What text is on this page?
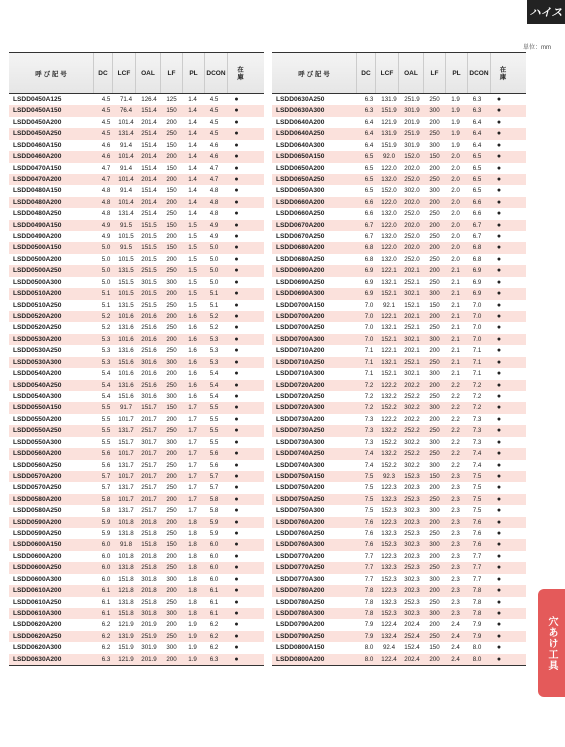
ハイス
単位：mm
呼 び 記 号	DC	LCF	OAL	LF	PL	DCON	在庫
LSDD0450A125	4.5	71.4	126.4	125	1.4	4.5	●
LSDD0450A150	4.5	76.4	151.4	150	1.4	4.5	●
LSDD0450A200	4.5	101.4	201.4	200	1.4	4.5	●
LSDD0450A250	4.5	131.4	251.4	250	1.4	4.5	●
LSDD0460A150	4.6	91.4	151.4	150	1.4	4.6	●
LSDD0460A200	4.6	101.4	201.4	200	1.4	4.6	●
LSDD0470A150	4.7	91.4	151.4	150	1.4	4.7	●
LSDD0470A200	4.7	101.4	201.4	200	1.4	4.7	●
LSDD0480A150	4.8	91.4	151.4	150	1.4	4.8	●
LSDD0480A200	4.8	101.4	201.4	200	1.4	4.8	●
LSDD0480A250	4.8	131.4	251.4	250	1.4	4.8	●
LSDD0490A150	4.9	91.5	151.5	150	1.5	4.9	●
LSDD0490A200	4.9	101.5	201.5	200	1.5	4.9	●
LSDD0500A150	5.0	91.5	151.5	150	1.5	5.0	●
LSDD0500A200	5.0	101.5	201.5	200	1.5	5.0	●
LSDD0500A250	5.0	131.5	251.5	250	1.5	5.0	●
LSDD0500A300	5.0	151.5	301.5	300	1.5	5.0	●
LSDD0510A200	5.1	101.5	201.5	200	1.5	5.1	●
LSDD0510A250	5.1	131.5	251.5	250	1.5	5.1	●
LSDD0520A200	5.2	101.6	201.6	200	1.6	5.2	●
LSDD0520A250	5.2	131.6	251.6	250	1.6	5.2	●
LSDD0530A200	5.3	101.6	201.6	200	1.6	5.3	●
LSDD0530A250	5.3	131.6	251.6	250	1.6	5.3	●
LSDD0530A300	5.3	151.6	301.6	300	1.6	5.3	●
LSDD0540A200	5.4	101.6	201.6	200	1.6	5.4	●
LSDD0540A250	5.4	131.6	251.6	250	1.6	5.4	●
LSDD0540A300	5.4	151.6	301.6	300	1.6	5.4	●
LSDD0550A150	5.5	91.7	151.7	150	1.7	5.5	●
LSDD0550A200	5.5	101.7	201.7	200	1.7	5.5	●
LSDD0550A250	5.5	131.7	251.7	250	1.7	5.5	●
LSDD0550A300	5.5	151.7	301.7	300	1.7	5.5	●
LSDD0560A200	5.6	101.7	201.7	200	1.7	5.6	●
LSDD0560A250	5.6	131.7	251.7	250	1.7	5.6	●
LSDD0570A200	5.7	101.7	201.7	200	1.7	5.7	●
LSDD0570A250	5.7	131.7	251.7	250	1.7	5.7	●
LSDD0580A200	5.8	101.7	201.7	200	1.7	5.8	●
LSDD0580A250	5.8	131.7	251.7	250	1.7	5.8	●
LSDD0590A200	5.9	101.8	201.8	200	1.8	5.9	●
LSDD0590A250	5.9	131.8	251.8	250	1.8	5.9	●
LSDD0600A150	6.0	91.8	151.8	150	1.8	6.0	●
LSDD0600A200	6.0	101.8	201.8	200	1.8	6.0	●
LSDD0600A250	6.0	131.8	251.8	250	1.8	6.0	●
LSDD0600A300	6.0	151.8	301.8	300	1.8	6.0	●
LSDD0610A200	6.1	121.8	201.8	200	1.8	6.1	●
LSDD0610A250	6.1	131.8	251.8	250	1.8	6.1	●
LSDD0610A300	6.1	151.8	301.8	300	1.8	6.1	●
LSDD0620A200	6.2	121.9	201.9	200	1.9	6.2	●
LSDD0620A250	6.2	131.9	251.9	250	1.9	6.2	●
LSDD0620A300	6.2	151.9	301.9	300	1.9	6.2	●
LSDD0630A200	6.3	121.9	201.9	200	1.9	6.3	●
呼 び 記 号	DC	LCF	OAL	LF	PL	DCON	在庫
LSDD0630A250	6.3	131.9	251.9	250	1.9	6.3	●
LSDD0630A300	6.3	151.9	301.9	300	1.9	6.3	●
LSDD0640A200	6.4	121.9	201.9	200	1.9	6.4	●
LSDD0640A250	6.4	131.9	251.9	250	1.9	6.4	●
LSDD0640A300	6.4	151.9	301.9	300	1.9	6.4	●
LSDD0650A150	6.5	92.0	152.0	150	2.0	6.5	●
LSDD0650A200	6.5	122.0	202.0	200	2.0	6.5	●
LSDD0650A250	6.5	132.0	252.0	250	2.0	6.5	●
LSDD0650A300	6.5	152.0	302.0	300	2.0	6.5	●
LSDD0660A200	6.6	122.0	202.0	200	2.0	6.6	●
LSDD0660A250	6.6	132.0	252.0	250	2.0	6.6	●
LSDD0670A200	6.7	122.0	202.0	200	2.0	6.7	●
LSDD0670A250	6.7	132.0	252.0	250	2.0	6.7	●
LSDD0680A200	6.8	122.0	202.0	200	2.0	6.8	●
LSDD0680A250	6.8	132.0	252.0	250	2.0	6.8	●
LSDD0690A200	6.9	122.1	202.1	200	2.1	6.9	●
LSDD0690A250	6.9	132.1	252.1	250	2.1	6.9	●
LSDD0690A300	6.9	152.1	302.1	300	2.1	6.9	●
LSDD0700A150	7.0	92.1	152.1	150	2.1	7.0	●
LSDD0700A200	7.0	122.1	202.1	200	2.1	7.0	●
LSDD0700A250	7.0	132.1	252.1	250	2.1	7.0	●
LSDD0700A300	7.0	152.1	302.1	300	2.1	7.0	●
LSDD0710A200	7.1	122.1	202.1	200	2.1	7.1	●
LSDD0710A250	7.1	132.1	252.1	250	2.1	7.1	●
LSDD0710A300	7.1	152.1	302.1	300	2.1	7.1	●
LSDD0720A200	7.2	122.2	202.2	200	2.2	7.2	●
LSDD0720A250	7.2	132.2	252.2	250	2.2	7.2	●
LSDD0720A300	7.2	152.2	302.2	300	2.2	7.2	●
LSDD0730A200	7.3	122.2	202.2	200	2.2	7.3	●
LSDD0730A250	7.3	132.2	252.2	250	2.2	7.3	●
LSDD0730A300	7.3	152.2	302.2	300	2.2	7.3	●
LSDD0740A250	7.4	132.2	252.2	250	2.2	7.4	●
LSDD0740A300	7.4	152.2	302.2	300	2.2	7.4	●
LSDD0750A150	7.5	92.3	152.3	150	2.3	7.5	●
LSDD0750A200	7.5	122.3	202.3	200	2.3	7.5	●
LSDD0750A250	7.5	132.3	252.3	250	2.3	7.5	●
LSDD0750A300	7.5	152.3	302.3	300	2.3	7.5	●
LSDD0760A200	7.6	122.3	202.3	200	2.3	7.6	●
LSDD0760A250	7.6	132.3	252.3	250	2.3	7.6	●
LSDD0760A300	7.6	152.3	302.3	300	2.3	7.6	●
LSDD0770A200	7.7	122.3	202.3	200	2.3	7.7	●
LSDD0770A250	7.7	132.3	252.3	250	2.3	7.7	●
LSDD0770A300	7.7	152.3	302.3	300	2.3	7.7	●
LSDD0780A200	7.8	122.3	202.3	200	2.3	7.8	●
LSDD0780A250	7.8	132.3	252.3	250	2.3	7.8	●
LSDD0780A300	7.8	152.3	302.3	300	2.3	7.8	●
LSDD0790A200	7.9	122.4	202.4	200	2.4	7.9	●
LSDD0790A250	7.9	132.4	252.4	250	2.4	7.9	●
LSDD0800A150	8.0	92.4	152.4	150	2.4	8.0	●
LSDD0800A200	8.0	122.4	202.4	200	2.4	8.0	●	穴あけ工具
